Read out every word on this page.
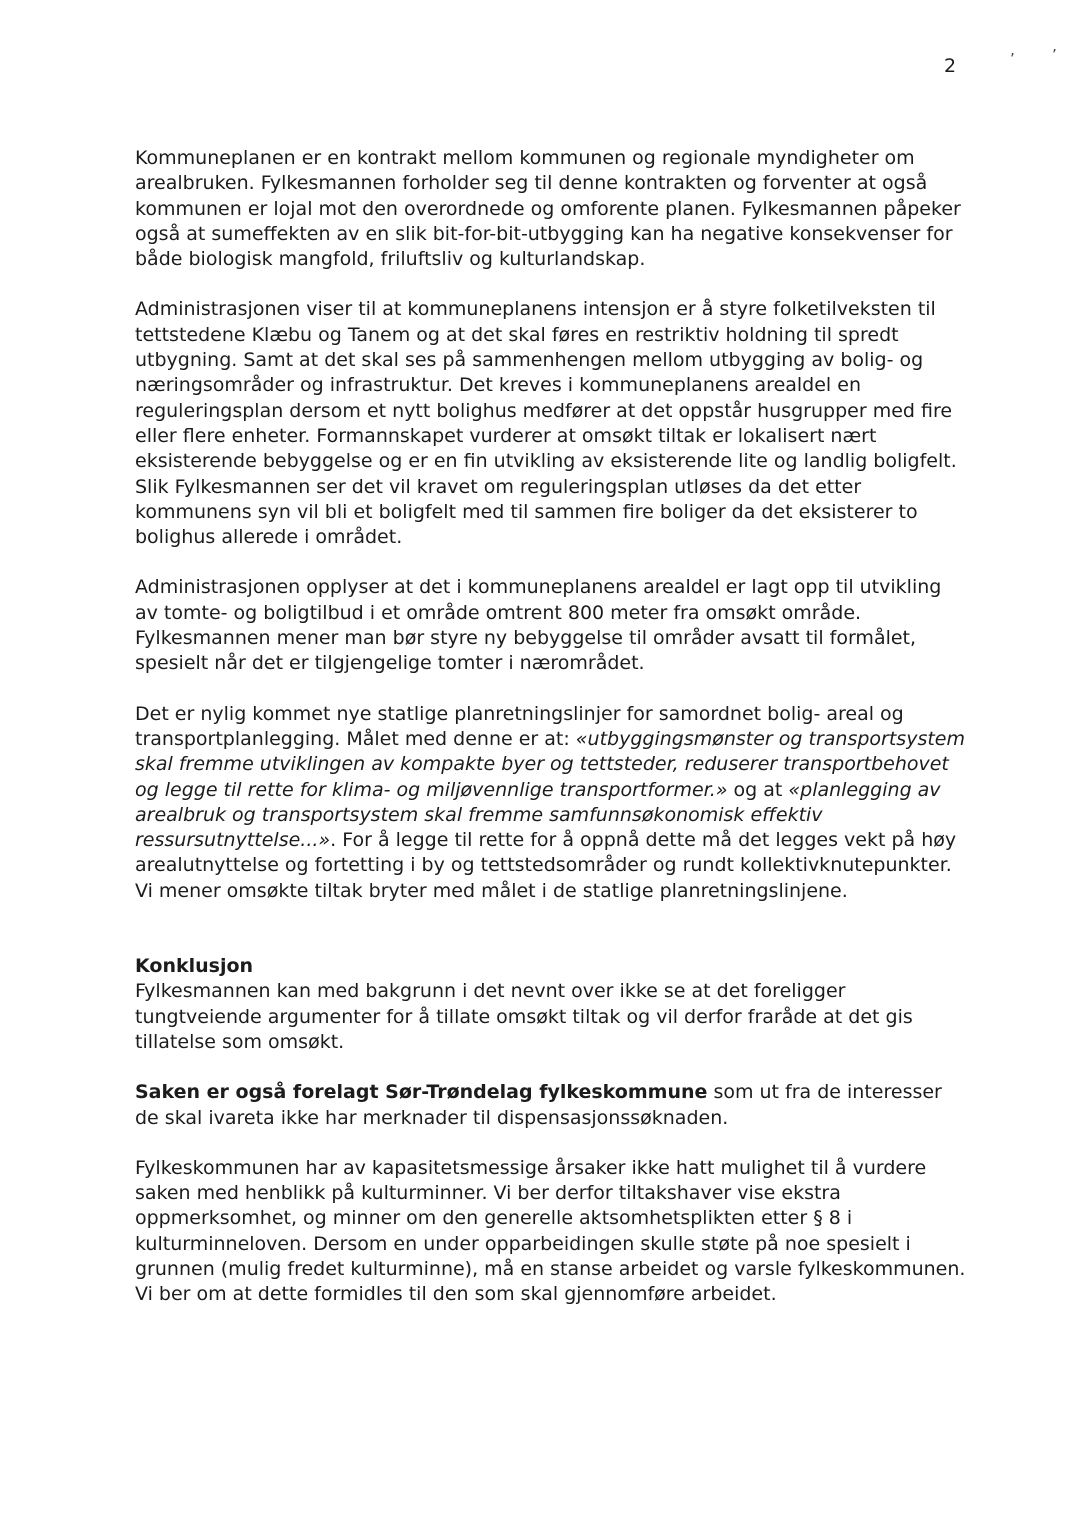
2	’ ʼ

Kommuneplanen er en kontrakt mellom kommunen og regionale myndigheter om arealbruken. Fylkesmannen forholder seg til denne kontrakten og forventer at også kommunen er lojal mot den overordnede og omforente planen. Fylkesmannen påpeker også at sumeffekten av en slik bit-for-bit-utbygging kan ha negative konsekvenser for både biologisk mangfold, friluftsliv og kulturlandskap.

Administrasjonen viser til at kommuneplanens intensjon er å styre folketilveksten til tettstedene Klæbu og Tanem og at det skal føres en restriktiv holdning til spredt utbygning. Samt at det skal ses på sammenhengen mellom utbygging av bolig- og næringsområder og infrastruktur. Det kreves i kommuneplanens arealdel en reguleringsplan dersom et nytt bolighus medfører at det oppstår husgrupper med fire eller flere enheter. Formannskapet vurderer at omsøkt tiltak er lokalisert nært eksisterende bebyggelse og er en fin utvikling av eksisterende lite og landlig boligfelt. Slik Fylkesmannen ser det vil kravet om reguleringsplan utløses da det etter kommunens syn vil bli et boligfelt med til sammen fire boliger da det eksisterer to bolighus allerede i området.

Administrasjonen opplyser at det i kommuneplanens arealdel er lagt opp til utvikling av tomte- og boligtilbud i et område omtrent 800 meter fra omsøkt område. Fylkesmannen mener man bør styre ny bebyggelse til områder avsatt til formålet, spesielt når det er tilgjengelige tomter i nærområdet.

Det er nylig kommet nye statlige planretningslinjer for samordnet bolig- areal og transportplanlegging. Målet med denne er at: «utbyggingsmønster og transportsystem skal fremme utviklingen av kompakte byer og tettsteder, reduserer transportbehovet og legge til rette for klima- og miljøvennlige transportformer.» og at «planlegging av arealbruk og transportsystem skal fremme samfunnsøkonomisk effektiv ressursutnyttelse...». For å legge til rette for å oppnå dette må det legges vekt på høy arealutnyttelse og fortetting i by og tettstedsområder og rundt kollektivknutepunkter. Vi mener omsøkte tiltak bryter med målet i de statlige planretningslinjene.

Konklusjon

Fylkesmannen kan med bakgrunn i det nevnt over ikke se at det foreligger tungtveiende argumenter for å tillate omsøkt tiltak og vil derfor fraråde at det gis tillatelse som omsøkt.

Saken er også forelagt Sør-Trøndelag fylkeskommune som ut fra de interesser de skal ivareta ikke har merknader til dispensasjonssøknaden.

Fylkeskommunen har av kapasitetsmessige årsaker ikke hatt mulighet til å vurdere saken med henblikk på kulturminner. Vi ber derfor tiltakshaver vise ekstra oppmerksomhet, og minner om den generelle aktsomhetsplikten etter § 8 i kulturminneloven. Dersom en under opparbeidingen skulle støte på noe spesielt i grunnen (mulig fredet kulturminne), må en stanse arbeidet og varsle fylkeskommunen. Vi ber om at dette formidles til den som skal gjennomføre arbeidet.
